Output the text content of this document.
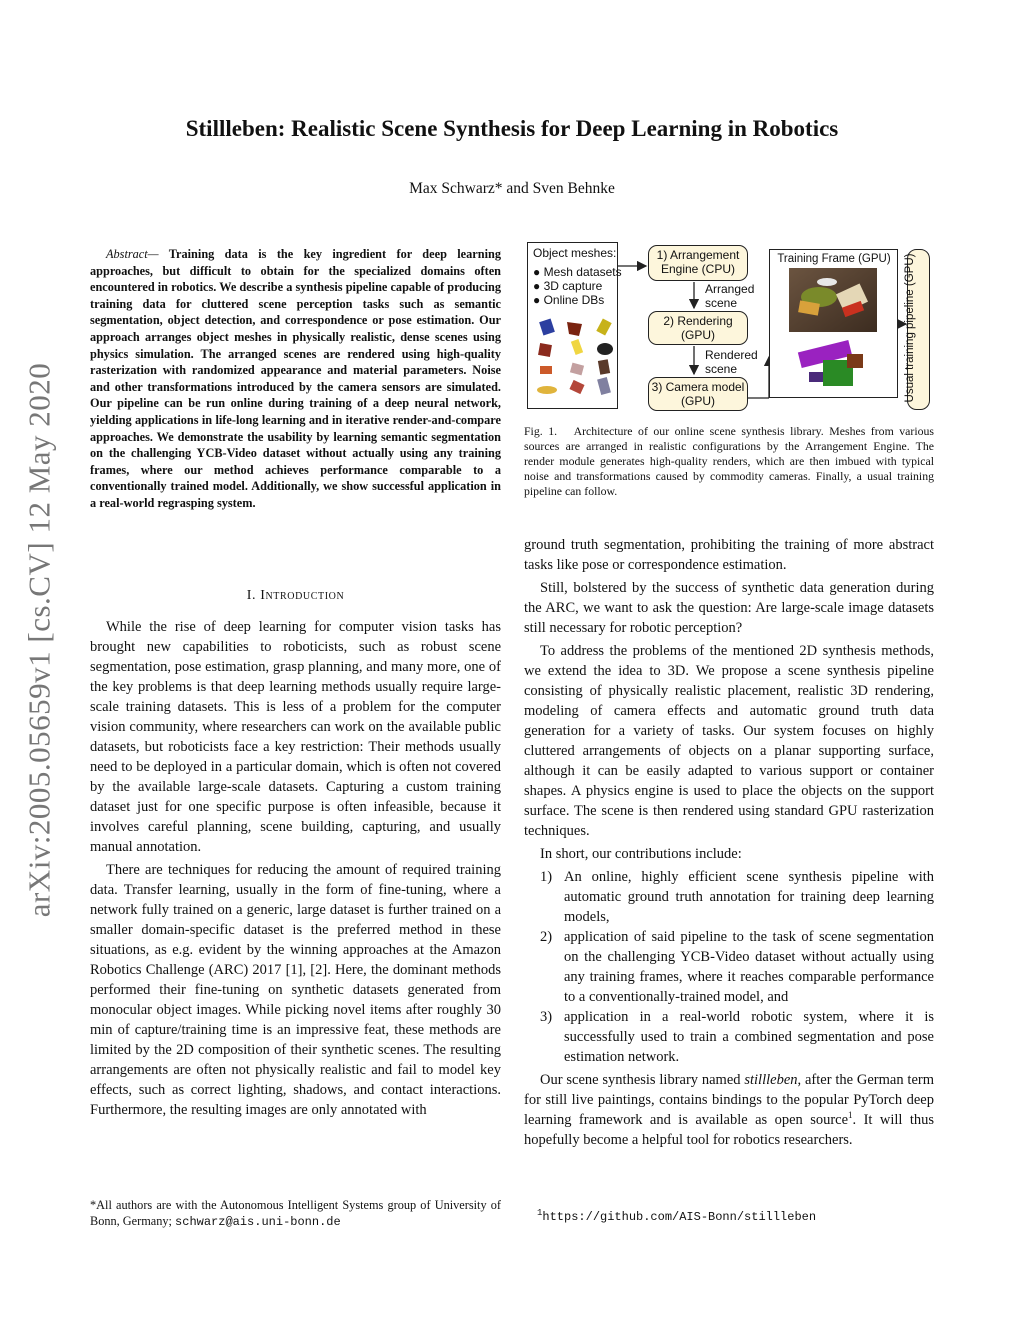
arXiv:2005.05659v1 [cs.CV] 12 May 2020
Stillleben: Realistic Scene Synthesis for Deep Learning in Robotics
Max Schwarz* and Sven Behnke
Abstract— Training data is the key ingredient for deep learning approaches, but difficult to obtain for the specialized domains often encountered in robotics. We describe a synthesis pipeline capable of producing training data for cluttered scene perception tasks such as semantic segmentation, object detection, and correspondence or pose estimation. Our approach arranges object meshes in physically realistic, dense scenes using physics simulation. The arranged scenes are rendered using high-quality rasterization with randomized appearance and material parameters. Noise and other transformations introduced by the camera sensors are simulated. Our pipeline can be run online during training of a deep neural network, yielding applications in life-long learning and in iterative render-and-compare approaches. We demonstrate the usability by learning semantic segmentation on the challenging YCB-Video dataset without actually using any training frames, where our method achieves performance comparable to a conventionally trained model. Additionally, we show successful application in a real-world regrasping system.
I. Introduction

While the rise of deep learning for computer vision tasks has brought new capabilities to roboticists, such as robust scene segmentation, pose estimation, grasp planning, and many more, one of the key problems is that deep learning methods usually require large-scale training datasets. This is less of a problem for the computer vision community, where researchers can work on the available public datasets, but roboticists face a key restriction: Their methods usually need to be deployed in a particular domain, which is often not covered by the available large-scale datasets. Capturing a custom training dataset just for one specific purpose is often infeasible, because it involves careful planning, scene building, capturing, and usually manual annotation.

There are techniques for reducing the amount of required training data. Transfer learning, usually in the form of fine-tuning, where a network fully trained on a generic, large dataset is further trained on a smaller domain-specific dataset is the preferred method in these situations, as e.g. evident by the winning approaches at the Amazon Robotics Challenge (ARC) 2017 [1], [2]. Here, the dominant methods performed their fine-tuning on synthetic datasets generated from monocular object images. While picking novel items after roughly 30 min of capture/training time is an impressive feat, these methods are limited by the 2D composition of their synthetic scenes. The resulting arrangements are often not physically realistic and fail to model key effects, such as correct lighting, shadows, and contact interactions. Furthermore, the resulting images are only annotated with

*All authors are with the Autonomous Intelligent Systems group of University of Bonn, Germany; schwarz@ais.uni-bonn.de
Object meshes:
● Mesh datasets
● 3D capture
● Online DBs
1) Arrangement Engine (CPU)
2) Rendering (GPU)
3) Camera model (GPU)
Arranged scene
Rendered scene
Training Frame (GPU)	Usual training pipeline (GPU)
Fig. 1. Architecture of our online scene synthesis library. Meshes from various sources are arranged in realistic configurations by the Arrangement Engine. The render module generates high-quality renders, which are then imbued with typical noise and transformations caused by commodity cameras. Finally, a usual training pipeline can follow.

ground truth segmentation, prohibiting the training of more abstract tasks like pose or correspondence estimation.

Still, bolstered by the success of synthetic data generation during the ARC, we want to ask the question: Are large-scale image datasets still necessary for robotic perception?

To address the problems of the mentioned 2D synthesis methods, we extend the idea to 3D. We propose a scene synthesis pipeline consisting of physically realistic placement, realistic 3D rendering, modeling of camera effects and automatic ground truth data generation for a variety of tasks. Our system focuses on highly cluttered arrangements of objects on a planar supporting surface, although it can be easily adapted to various support or container shapes. A physics engine is used to place the objects on the support surface. The scene is then rendered using standard GPU rasterization techniques.

In short, our contributions include:

1) An online, highly efficient scene synthesis pipeline with automatic ground truth annotation for training deep learning models,
2) application of said pipeline to the task of scene segmentation on the challenging YCB-Video dataset without actually using any training frames, where it reaches comparable performance to a conventionally-trained model, and
3) application in a real-world robotic system, where it is successfully used to train a combined segmentation and pose estimation network.

Our scene synthesis library named stillleben, after the German term for still live paintings, contains bindings to the popular PyTorch deep learning framework and is available as open source$^1$. It will thus hopefully become a helpful tool for robotics researchers.

$^1$https://github.com/AIS-Bonn/stillleben
